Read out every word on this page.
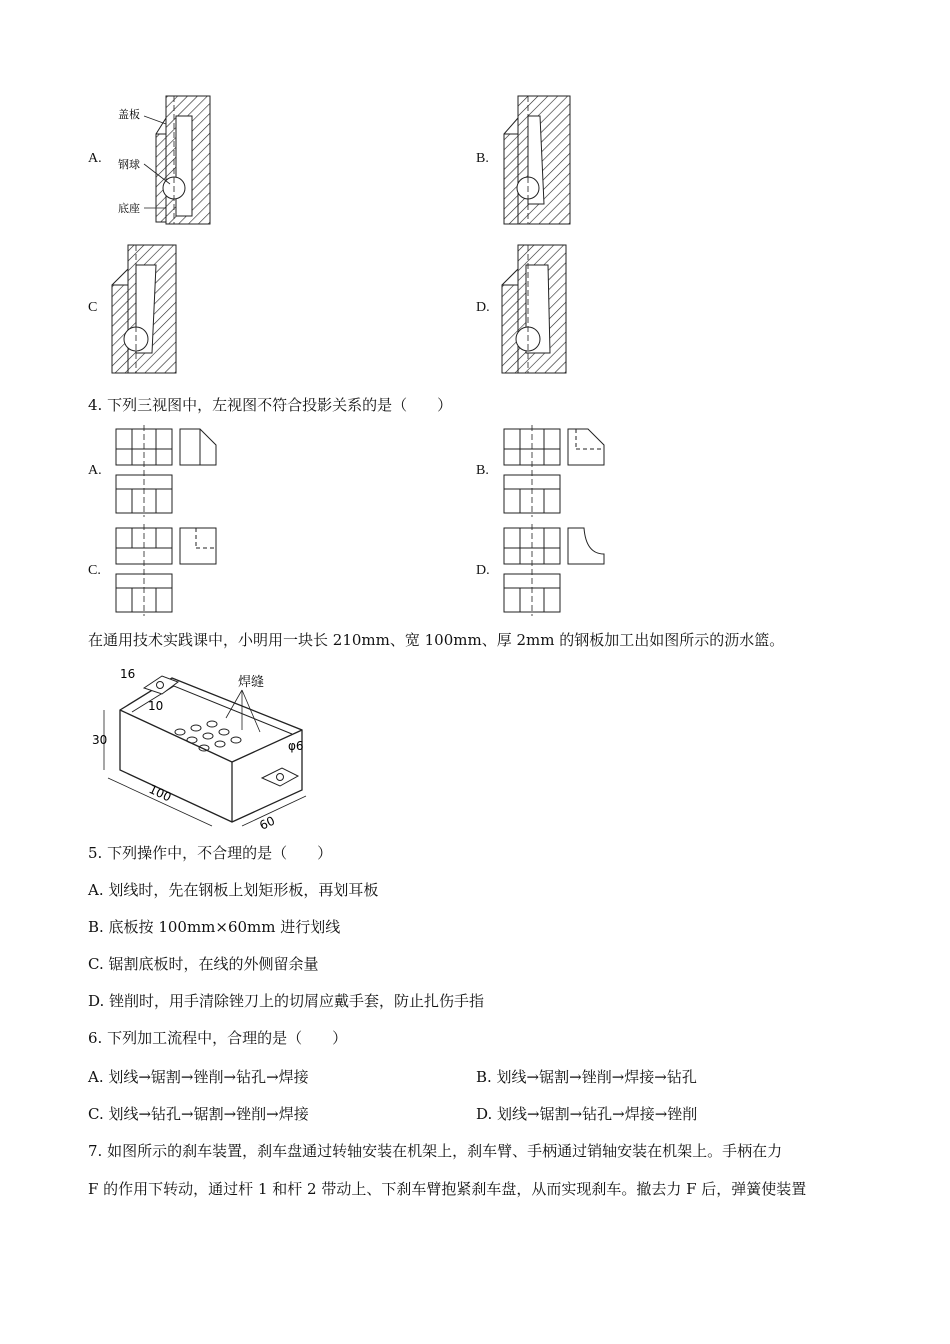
A.	B.
C	D.
盖板
钢球
底座
4. 下列三视图中，左视图不符合投影关系的是（　　）
A.	B.
C.	D.
在通用技术实践课中，小明用一块长 210mm、宽 100mm、厚 2mm 的钢板加工出如图所示的沥水篮。
焊缝
30
16
10
100
60
φ6
5. 下列操作中，不合理的是（　　）
A. 划线时，先在钢板上划矩形板，再划耳板
B. 底板按 100mm×60mm 进行划线
C. 锯割底板时，在线的外侧留余量
D. 锉削时，用手清除锉刀上的切屑应戴手套，防止扎伤手指
6. 下列加工流程中，合理的是（　　）
A. 划线→锯割→锉削→钻孔→焊接	B. 划线→锯割→锉削→焊接→钻孔
C. 划线→钻孔→锯割→锉削→焊接	D. 划线→锯割→钻孔→焊接→锉削
7. 如图所示的刹车装置，刹车盘通过转轴安装在机架上，刹车臂、手柄通过销轴安装在机架上。手柄在力
F 的作用下转动，通过杆 1 和杆 2 带动上、下刹车臂抱紧刹车盘，从而实现刹车。撤去力 F 后，弹簧使装置
